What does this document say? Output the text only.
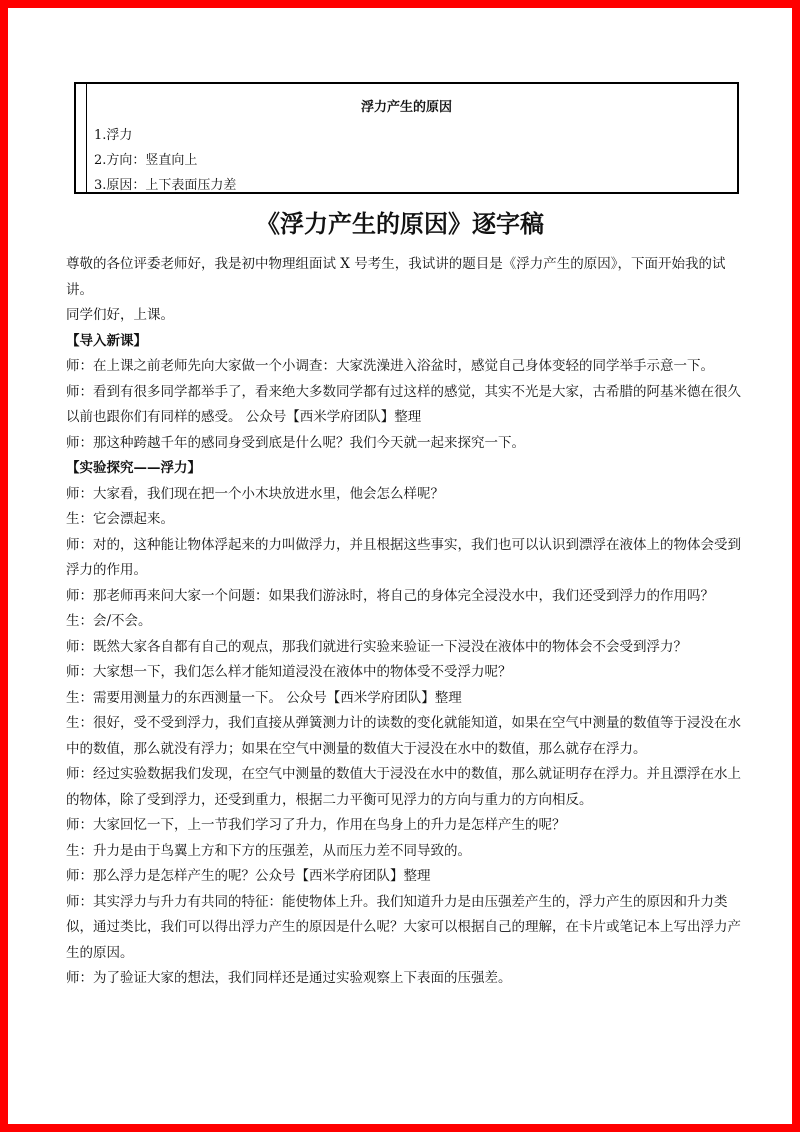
浮力产生的原因
1.浮力
2.方向：竖直向上
3.原因：上下表面压力差
《浮力产生的原因》逐字稿

尊敬的各位评委老师好，我是初中物理组面试 X 号考生，我试讲的题目是《浮力产生的原因》，下面开始我的试讲。

同学们好，上课。

【导入新课】

师：在上课之前老师先向大家做一个小调查：大家洗澡进入浴盆时，感觉自己身体变轻的同学举手示意一下。

师：看到有很多同学都举手了，看来绝大多数同学都有过这样的感觉，其实不光是大家，古希腊的阿基米德在很久以前也跟你们有同样的感受。 公众号【西米学府团队】整理

师：那这种跨越千年的感同身受到底是什么呢？我们今天就一起来探究一下。

【实验探究——浮力】

师：大家看，我们现在把一个小木块放进水里，他会怎么样呢？

生：它会漂起来。

师：对的，这种能让物体浮起来的力叫做浮力，并且根据这些事实，我们也可以认识到漂浮在液体上的物体会受到浮力的作用。

师：那老师再来问大家一个问题：如果我们游泳时，将自己的身体完全浸没水中，我们还受到浮力的作用吗？

生：会/不会。

师：既然大家各自都有自己的观点，那我们就进行实验来验证一下浸没在液体中的物体会不会受到浮力？

师：大家想一下，我们怎么样才能知道浸没在液体中的物体受不受浮力呢？

生：需要用测量力的东西测量一下。 公众号【西米学府团队】整理

生：很好，受不受到浮力，我们直接从弹簧测力计的读数的变化就能知道，如果在空气中测量的数值等于浸没在水中的数值，那么就没有浮力；如果在空气中测量的数值大于浸没在水中的数值，那么就存在浮力。

师：经过实验数据我们发现，在空气中测量的数值大于浸没在水中的数值，那么就证明存在浮力。并且漂浮在水上的物体，除了受到浮力，还受到重力，根据二力平衡可见浮力的方向与重力的方向相反。

师：大家回忆一下，上一节我们学习了升力，作用在鸟身上的升力是怎样产生的呢？

生：升力是由于鸟翼上方和下方的压强差，从而压力差不同导致的。

师：那么浮力是怎样产生的呢？公众号【西米学府团队】整理

师：其实浮力与升力有共同的特征：能使物体上升。我们知道升力是由压强差产生的，浮力产生的原因和升力类似，通过类比，我们可以得出浮力产生的原因是什么呢？大家可以根据自己的理解，在卡片或笔记本上写出浮力产生的原因。

师：为了验证大家的想法，我们同样还是通过实验观察上下表面的压强差。
